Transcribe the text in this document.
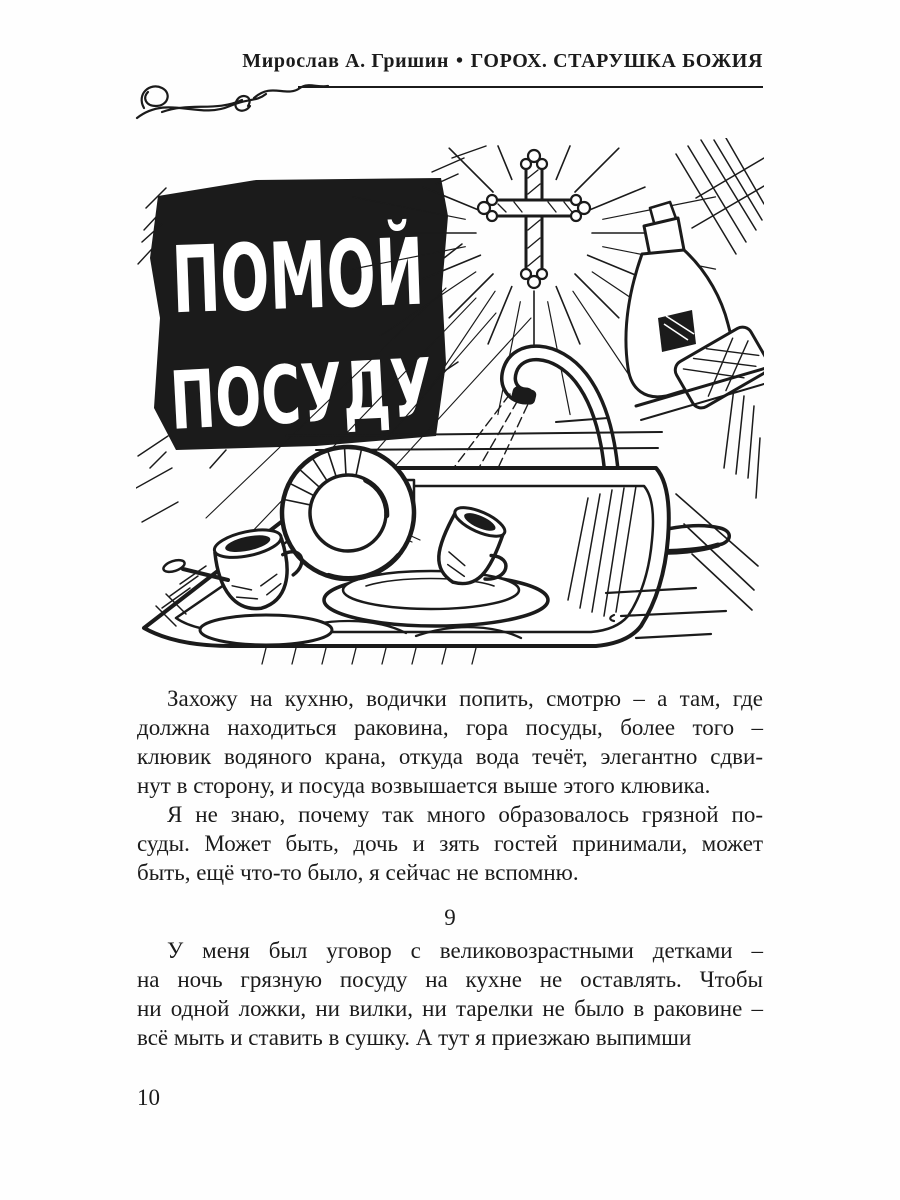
Мирослав А. Гришин • ГОРОХ. СТАРУШКА БОЖИЯ
ПОМОЙ
ПОСУДУ
Захожу на кухню, водички попить, смотрю – а там, где
должна находиться раковина, гора посуды, более того –
клювик водяного крана, откуда вода течёт, элегантно сдви-
нут в сторону, и посуда возвышается выше этого клювика.
Я не знаю, почему так много образовалось грязной по-
суды. Может быть, дочь и зять гостей принимали, может
быть, ещё что-то было, я сейчас не вспомню.
9
У меня был уговор с великовозрастными детками –
на ночь грязную посуду на кухне не оставлять. Чтобы
ни одной ложки, ни вилки, ни тарелки не было в раковине –
всё мыть и ставить в сушку. А тут я приезжаю выпимши
10
